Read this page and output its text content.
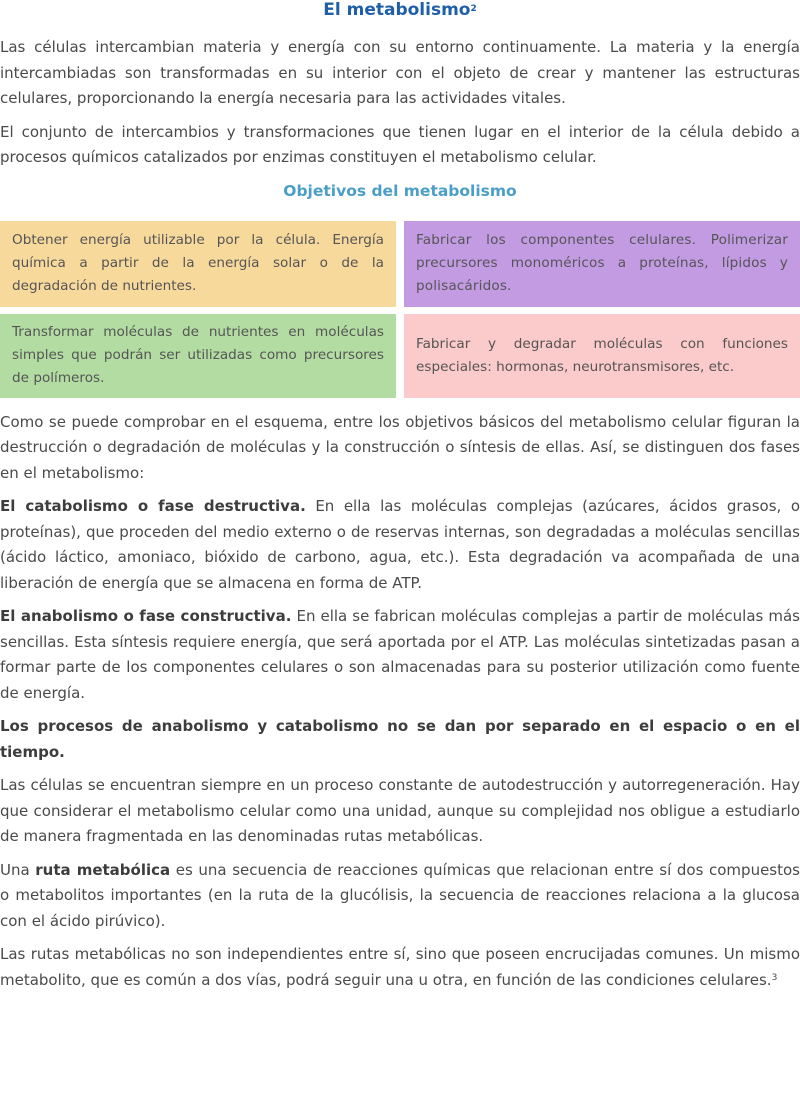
El metabolismo$^2$

Las células intercambian materia y energía con su entorno continuamente. La materia y la energía intercambiadas son transformadas en su interior con el objeto de crear y mantener las estructuras celulares, proporcionando la energía necesaria para las actividades vitales.

El conjunto de intercambios y transformaciones que tienen lugar en el interior de la célula debido a procesos químicos catalizados por enzimas constituyen el metabolismo celular.

Objetivos del metabolismo
Obtener energía utilizable por la célula. Energía química a partir de la energía solar o de la degradación de nutrientes.
Fabricar los componentes celulares. Polimerizar precursores monoméricos a proteínas, lípidos y polisacáridos.
Transformar moléculas de nutrientes en moléculas simples que podrán ser utilizadas como precursores de polímeros.
Fabricar y degradar moléculas con funciones especiales: hormonas, neurotransmisores, etc.

Como se puede comprobar en el esquema, entre los objetivos básicos del metabolismo celular figuran la destrucción o degradación de moléculas y la construcción o síntesis de ellas. Así, se distinguen dos fases en el metabolismo:

El catabolismo o fase destructiva. En ella las moléculas complejas (azúcares, ácidos grasos, o proteínas), que proceden del medio externo o de reservas internas, son degradadas a moléculas sencillas (ácido láctico, amoniaco, bióxido de carbono, agua, etc.). Esta degradación va acompañada de una liberación de energía que se almacena en forma de ATP.

El anabolismo o fase constructiva. En ella se fabrican moléculas complejas a partir de moléculas más sencillas. Esta síntesis requiere energía, que será aportada por el ATP. Las moléculas sintetizadas pasan a formar parte de los componentes celulares o son almacenadas para su posterior utilización como fuente de energía.

Los procesos de anabolismo y catabolismo no se dan por separado en el espacio o en el tiempo.

Las células se encuentran siempre en un proceso constante de autodestrucción y autorregeneración. Hay que considerar el metabolismo celular como una unidad, aunque su complejidad nos obligue a estudiarlo de manera fragmentada en las denominadas rutas metabólicas.

Una ruta metabólica es una secuencia de reacciones químicas que relacionan entre sí dos compuestos o metabolitos importantes (en la ruta de la glucólisis, la secuencia de reacciones relaciona a la glucosa con el ácido pirúvico).

Las rutas metabólicas no son independientes entre sí, sino que poseen encrucijadas comunes. Un mismo metabolito, que es común a dos vías, podrá seguir una u otra, en función de las condiciones celulares.$^3$
